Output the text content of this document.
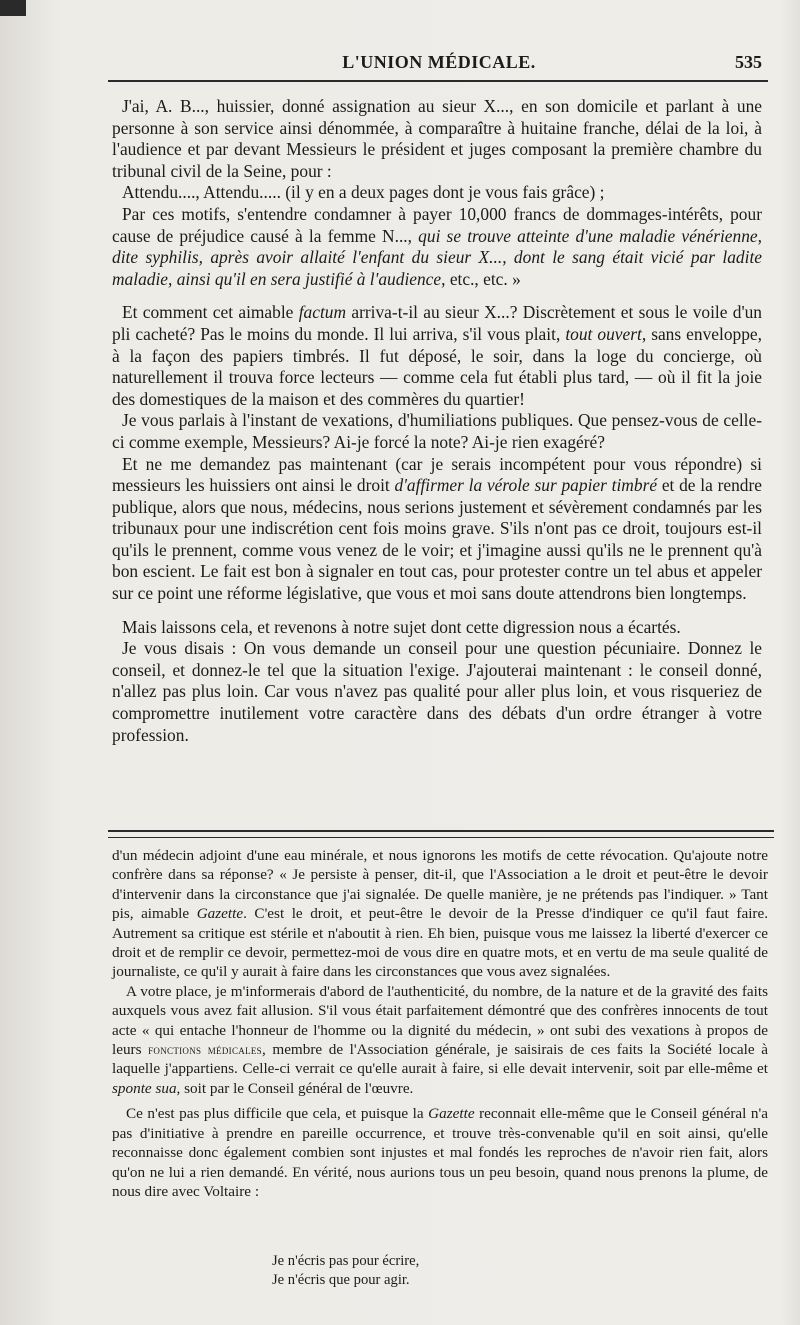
L'UNION MÉDICALE.	535

J'ai, A. B..., huissier, donné assignation au sieur X..., en son domicile et parlant à une personne à son service ainsi dénommée, à comparaître à huitaine franche, délai de la loi, à l'audience et par devant Messieurs le président et juges composant la première chambre du tribunal civil de la Seine, pour :

Attendu...., Attendu..... (il y en a deux pages dont je vous fais grâce) ;

Par ces motifs, s'entendre condamner à payer 10,000 francs de dommages-intérêts, pour cause de préjudice causé à la femme N..., qui se trouve atteinte d'une maladie vénérienne, dite syphilis, après avoir allaité l'enfant du sieur X..., dont le sang était vicié par ladite maladie, ainsi qu'il en sera justifié à l'audience, etc., etc. »

Et comment cet aimable factum arriva-t-il au sieur X...? Discrètement et sous le voile d'un pli cacheté? Pas le moins du monde. Il lui arriva, s'il vous plait, tout ouvert, sans enveloppe, à la façon des papiers timbrés. Il fut déposé, le soir, dans la loge du concierge, où naturellement il trouva force lecteurs — comme cela fut établi plus tard, — où il fit la joie des domestiques de la maison et des commères du quartier!

Je vous parlais à l'instant de vexations, d'humiliations publiques. Que pensez-vous de celle-ci comme exemple, Messieurs? Ai-je forcé la note? Ai-je rien exagéré?

Et ne me demandez pas maintenant (car je serais incompétent pour vous répondre) si messieurs les huissiers ont ainsi le droit d'affirmer la vérole sur papier timbré et de la rendre publique, alors que nous, médecins, nous serions justement et sévèrement condamnés par les tribunaux pour une indiscrétion cent fois moins grave. S'ils n'ont pas ce droit, toujours est-il qu'ils le prennent, comme vous venez de le voir; et j'imagine aussi qu'ils ne le prennent qu'à bon escient. Le fait est bon à signaler en tout cas, pour protester contre un tel abus et appeler sur ce point une réforme législative, que vous et moi sans doute attendrons bien longtemps.

Mais laissons cela, et revenons à notre sujet dont cette digression nous a écartés.

Je vous disais : On vous demande un conseil pour une question pécuniaire. Donnez le conseil, et donnez-le tel que la situation l'exige. J'ajouterai maintenant : le conseil donné, n'allez pas plus loin. Car vous n'avez pas qualité pour aller plus loin, et vous risqueriez de compromettre inutilement votre caractère dans des débats d'un ordre étranger à votre profession.

d'un médecin adjoint d'une eau minérale, et nous ignorons les motifs de cette révocation. Qu'ajoute notre confrère dans sa réponse? « Je persiste à penser, dit-il, que l'Association a le droit et peut-être le devoir d'intervenir dans la circonstance que j'ai signalée. De quelle manière, je ne prétends pas l'indiquer. » Tant pis, aimable Gazette. C'est le droit, et peut-être le devoir de la Presse d'indiquer ce qu'il faut faire. Autrement sa critique est stérile et n'aboutit à rien. Eh bien, puisque vous me laissez la liberté d'exercer ce droit et de remplir ce devoir, permettez-moi de vous dire en quatre mots, et en vertu de ma seule qualité de journaliste, ce qu'il y aurait à faire dans les circonstances que vous avez signalées.

A votre place, je m'informerais d'abord de l'authenticité, du nombre, de la nature et de la gravité des faits auxquels vous avez fait allusion. S'il vous était parfaitement démontré que des confrères innocents de tout acte « qui entache l'honneur de l'homme ou la dignité du médecin, » ont subi des vexations à propos de leurs fonctions médicales, membre de l'Association générale, je saisirais de ces faits la Société locale à laquelle j'appartiens. Celle-ci verrait ce qu'elle aurait à faire, si elle devait intervenir, soit par elle-même et sponte sua, soit par le Conseil général de l'œuvre.

Ce n'est pas plus difficile que cela, et puisque la Gazette reconnait elle-même que le Conseil général n'a pas d'initiative à prendre en pareille occurrence, et trouve très-convenable qu'il en soit ainsi, qu'elle reconnaisse donc également combien sont injustes et mal fondés les reproches de n'avoir rien fait, alors qu'on ne lui a rien demandé. En vérité, nous aurions tous un peu besoin, quand nous prenons la plume, de nous dire avec Voltaire :

Je n'écris pas pour écrire,
Je n'écris que pour agir.
